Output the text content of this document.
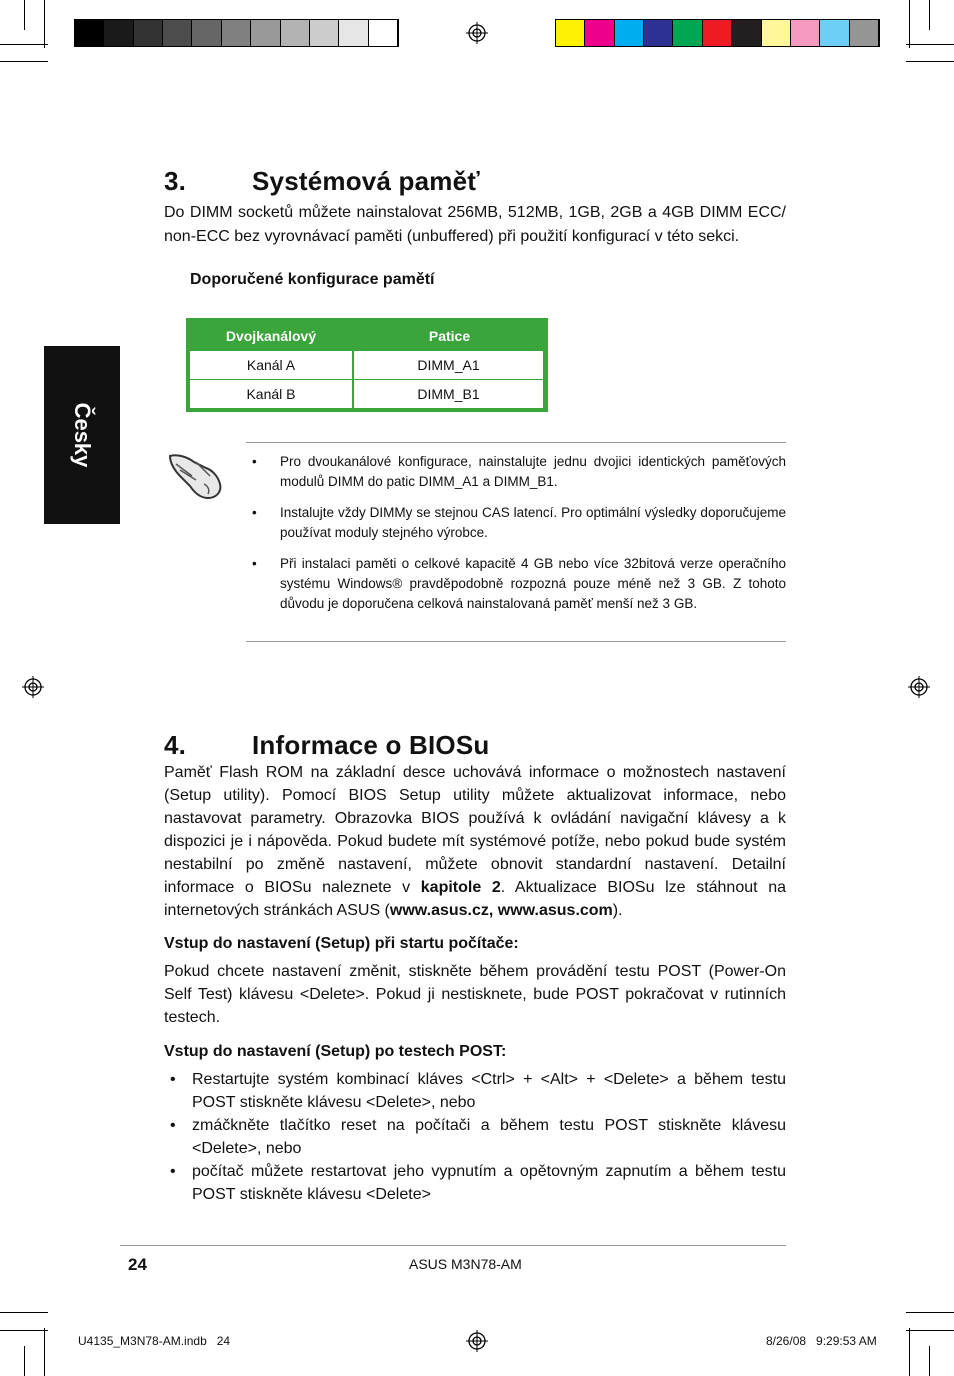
Česky
3.	Systémová paměť
Do DIMM socketů můžete nainstalovat 256MB, 512MB, 1GB, 2GB a 4GB DIMM ECC/ non-ECC bez vyrovnávací paměti (unbuffered) při použití konfigurací v této sekci.
Doporučené konfigurace pamětí
Dvojkanálový	Patice
Kanál A	DIMM_A1
Kanál B	DIMM_B1
• Pro dvoukanálové konfigurace, nainstalujte jednu dvojici identických paměťových modulů DIMM do patic DIMM_A1 a DIMM_B1.
• Instalujte vždy DIMMy se stejnou CAS latencí. Pro optimální výsledky doporučujeme používat moduly stejného výrobce.
• Při instalaci paměti o celkové kapacitě 4 GB nebo více 32bitová verze operačního systému Windows® pravděpodobně rozpozná pouze méně než 3 GB. Z tohoto důvodu je doporučena celková nainstalovaná paměť menší než 3 GB.
4.	Informace o BIOSu
Paměť Flash ROM na základní desce uchovává informace o možnostech nastavení (Setup utility). Pomocí BIOS Setup utility můžete aktualizovat informace, nebo nastavovat parametry. Obrazovka BIOS používá k ovládání navigační klávesy a k dispozici je i nápověda. Pokud budete mít systémové potíže, nebo pokud bude systém nestabilní po změně nastavení, můžete obnovit standardní nastavení. Detailní informace o BIOSu naleznete v kapitole 2. Aktualizace BIOSu lze stáhnout na internetových stránkách ASUS (www.asus.cz, www.asus.com).
Vstup do nastavení (Setup) při startu počítače:
Pokud chcete nastavení změnit, stiskněte během provádění testu POST (Power-On Self Test) klávesu <Delete>. Pokud ji nestisknete, bude POST pokračovat v rutinních testech.
Vstup do nastavení (Setup) po testech POST:
• Restartujte systém kombinací kláves <Ctrl> + <Alt> + <Delete> a během testu POST stiskněte klávesu <Delete>, nebo
• zmáčkněte tlačítko reset na počítači a během testu POST stiskněte klávesu <Delete>, nebo
• počítač můžete restartovat jeho vypnutím a opětovným zapnutím a během testu POST stiskněte klávesu <Delete>
24	ASUS M3N78-AM
U4135_M3N78-AM.indb   24	8/26/08   9:29:53 AM
